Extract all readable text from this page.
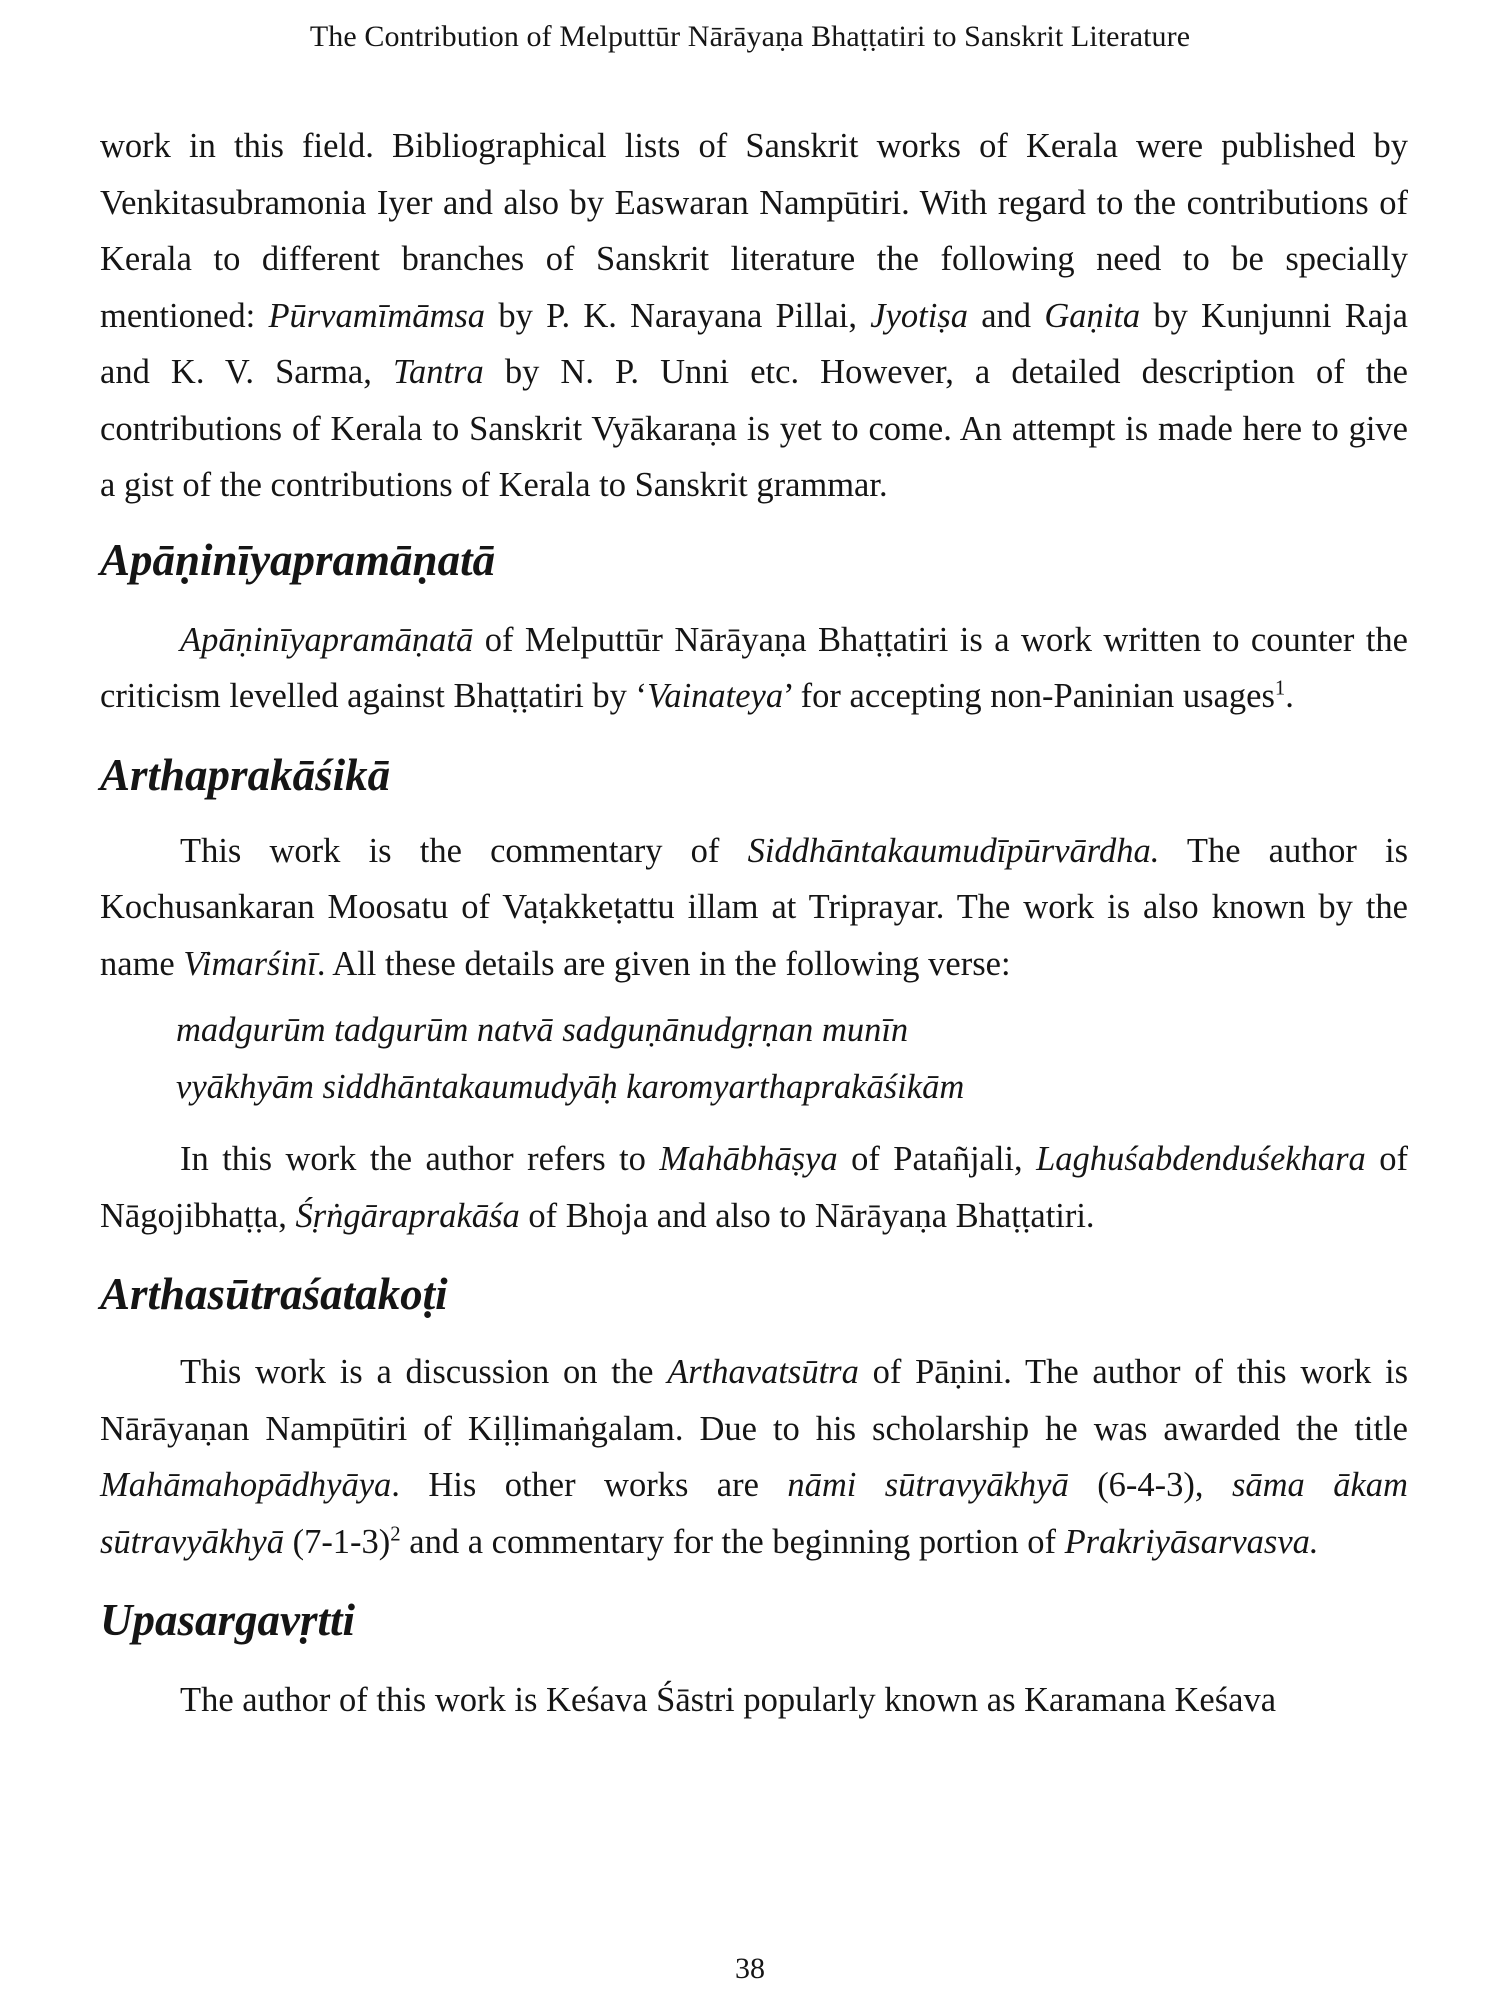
The Contribution of Melputtūr Nārāyaṇa Bhaṭṭatiri to Sanskrit Literature

work in this field. Bibliographical lists of Sanskrit works of Kerala were published by Venkitasubramonia Iyer and also by Easwaran Nampūtiri. With regard to the contributions of Kerala to different branches of Sanskrit literature the following need to be specially mentioned: Pūrvamīmāmsa by P. K. Narayana Pillai, Jyotiṣa and Gaṇita by Kunjunni Raja and K. V. Sarma, Tantra by N. P. Unni etc. However, a detailed description of the contributions of Kerala to Sanskrit Vyākaraṇa is yet to come. An attempt is made here to give a gist of the contributions of Kerala to Sanskrit grammar.

Apāṇinīyapramāṇatā

Apāṇinīyapramāṇatā of Melputtūr Nārāyaṇa Bhaṭṭatiri is a work written to counter the criticism levelled against Bhaṭṭatiri by ‘Vainateya’ for accepting non-Paninian usages$^1$.

Arthaprakāśikā

This work is the commentary of Siddhāntakaumudīpūrvārdha. The author is Kochusankaran Moosatu of Vaṭakkeṭattu illam at Triprayar. The work is also known by the name Vimarśinī. All these details are given in the following verse:

madgurūm tadgurūm natvā sadguṇānudgṛṇan munīn

vyākhyām siddhāntakaumudyāḥ karomyarthaprakāśikām

In this work the author refers to Mahābhāṣya of Patañjali, Laghuśabdenduśekhara of Nāgojibhaṭṭa, Śṛṅgāraprakāśa of Bhoja and also to Nārāyaṇa Bhaṭṭatiri.

Arthasūtraśatakoṭi

This work is a discussion on the Arthavatsūtra of Pāṇini. The author of this work is Nārāyaṇan Nampūtiri of Kiḷḷimaṅgalam. Due to his scholarship he was awarded the title Mahāmahopādhyāya. His other works are nāmi sūtravyākhyā (6-4-3), sāma ākam sūtravyākhyā $(7-1-3)^2$ and a commentary for the beginning portion of Prakriyāsarvasva.

Upasargavṛtti

The author of this work is Keśava Śāstri popularly known as Karamana Keśava

38
